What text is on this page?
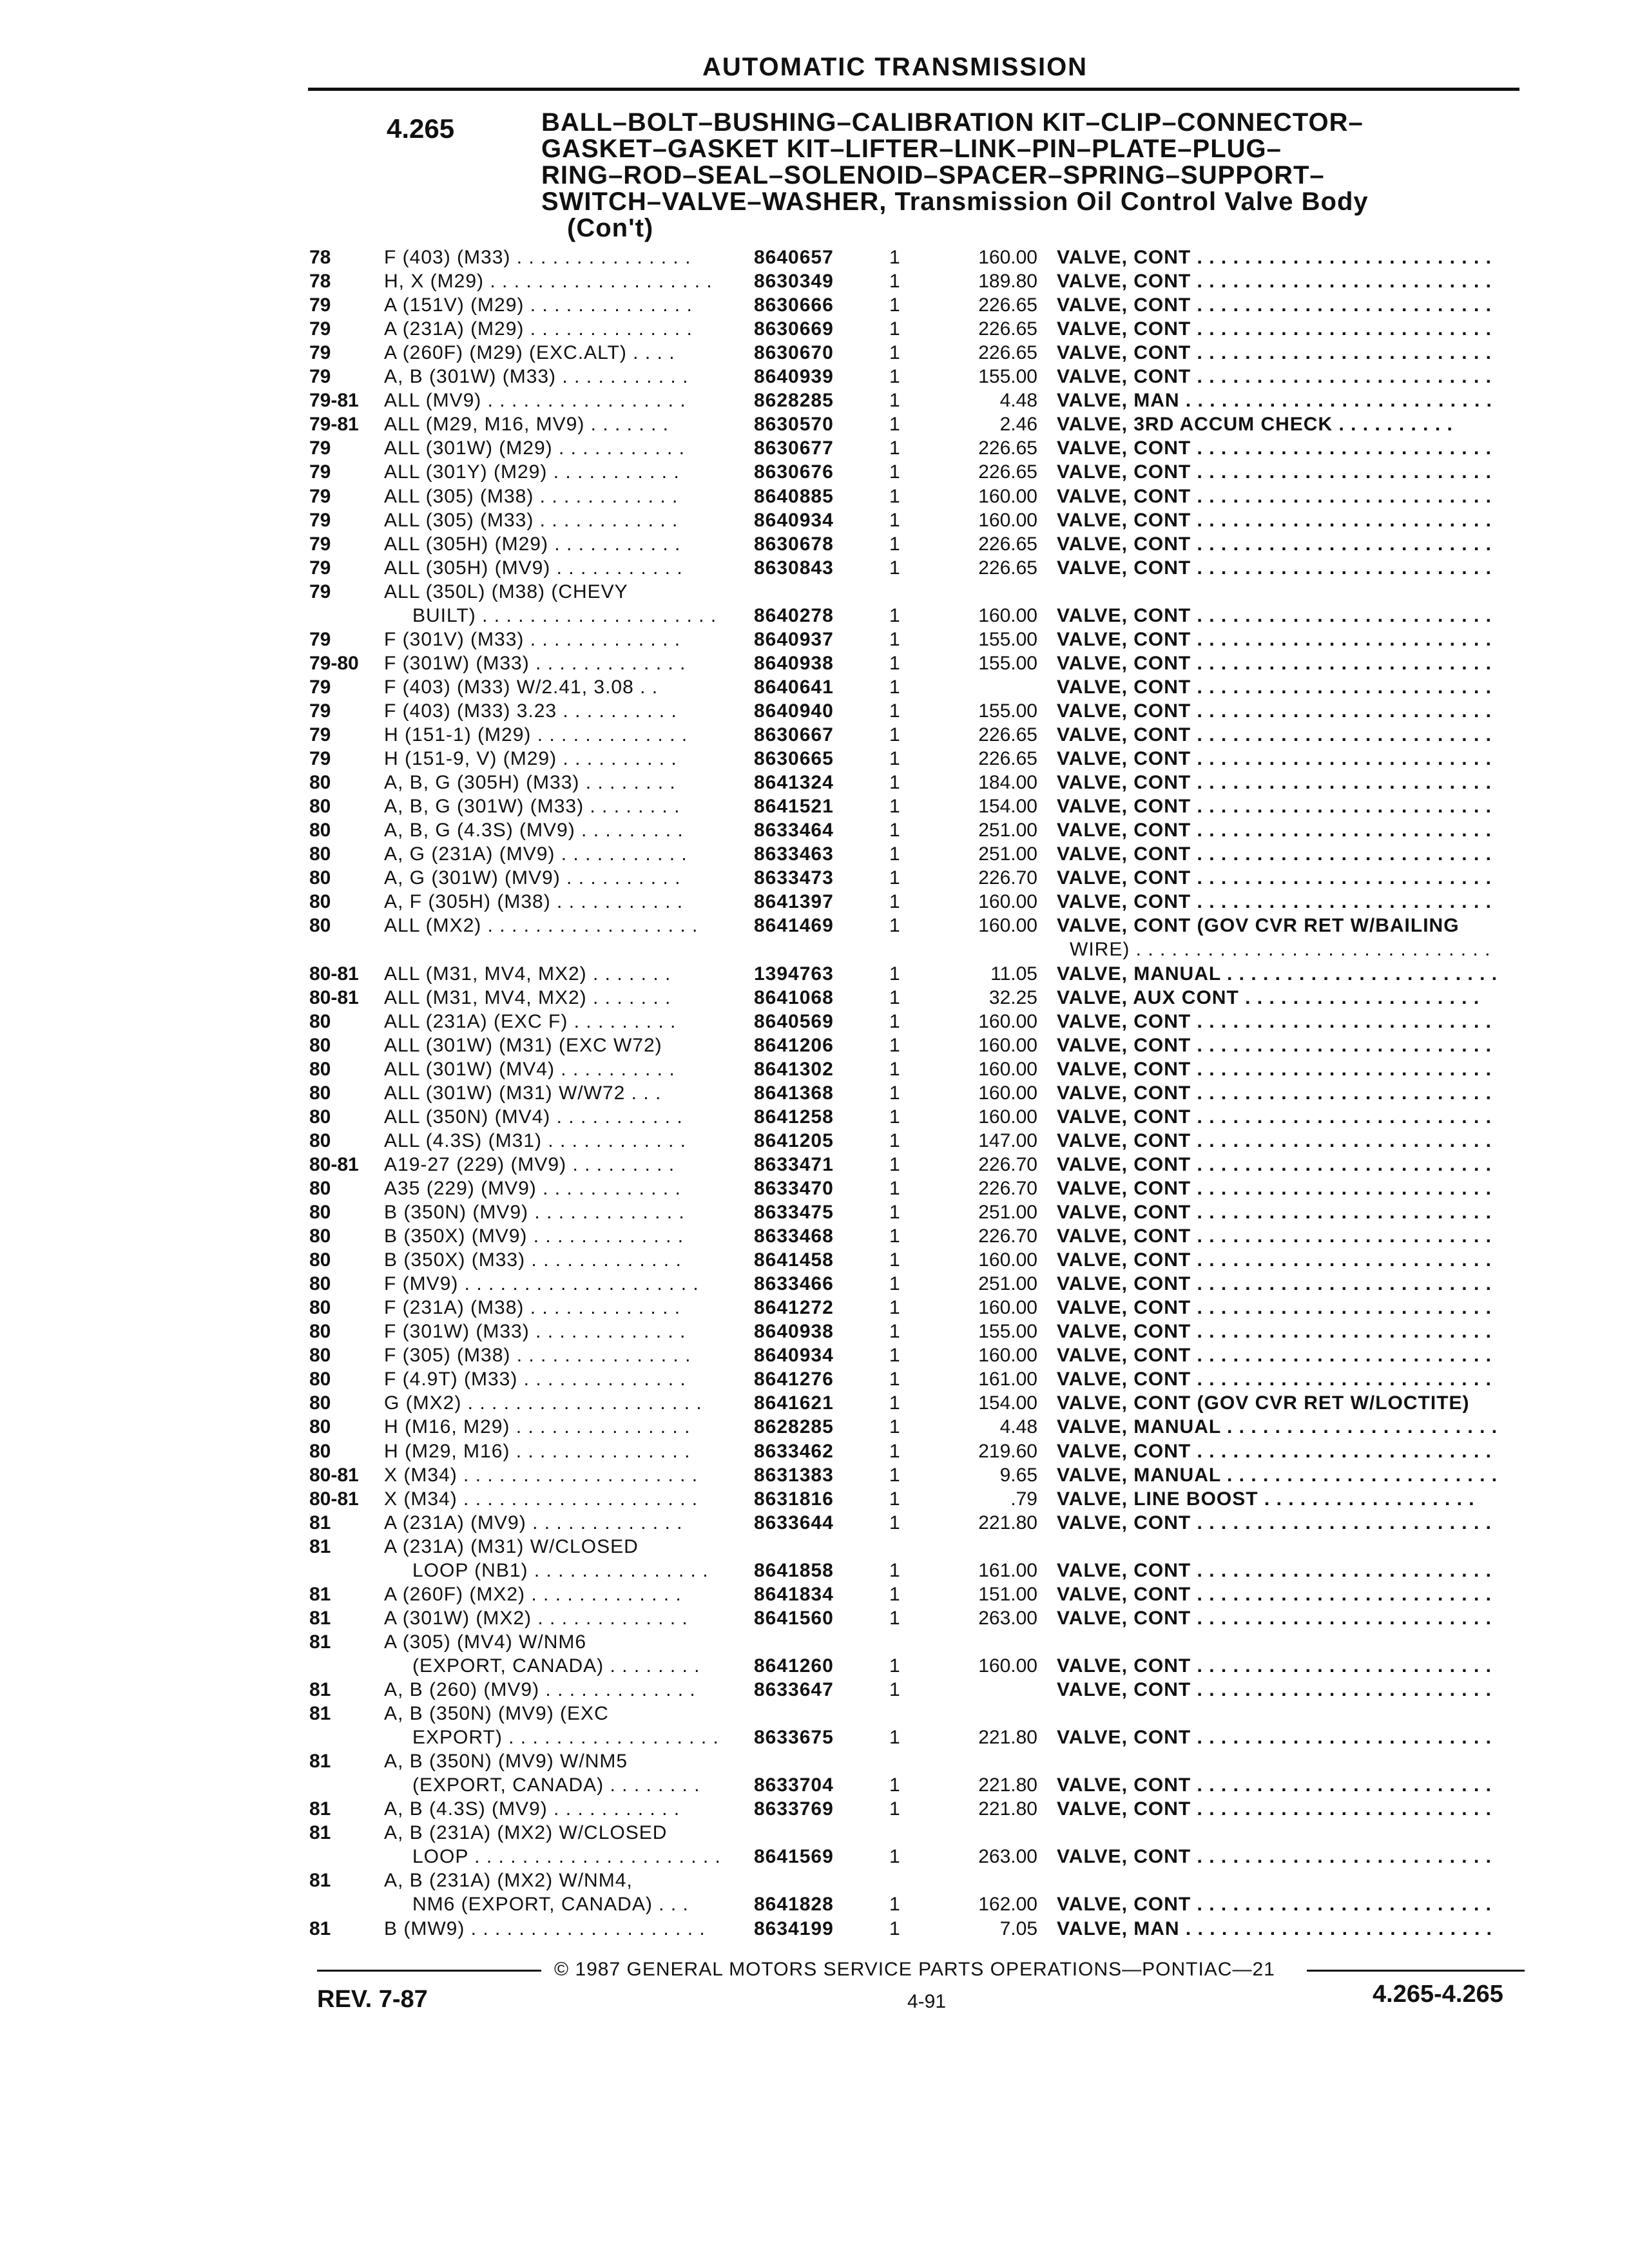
AUTOMATIC TRANSMISSION
4.265	BALL–BOLT–BUSHING–CALIBRATION KIT–CLIP–CONNECTOR–
GASKET–GASKET KIT–LIFTER–LINK–PIN–PLATE–PLUG–
RING–ROD–SEAL–SOLENOID–SPACER–SPRING–SUPPORT–
SWITCH–VALVE–WASHER, Transmission Oil Control Valve Body
(Con't)
78	F (403) (M33) . . . . . . . . . . . . . . .	8640657	1	160.00 VALVE, CONT . . . . . . . . . . . . . . . . . . . . . . . . .
78	H, X (M29) . . . . . . . . . . . . . . . . . . . 8630349	1	189.80 VALVE, CONT . . . . . . . . . . . . . . . . . . . . . . . . .
79	A (151V) (M29) . . . . . . . . . . . . . .	8630666	1	226.65 VALVE, CONT . . . . . . . . . . . . . . . . . . . . . . . . .
79	A (231A) (M29) . . . . . . . . . . . . . .	8630669	1	226.65 VALVE, CONT . . . . . . . . . . . . . . . . . . . . . . . . .
79	A (260F) (M29) (EXC.ALT) . . . .	8630670	1	226.65 VALVE, CONT . . . . . . . . . . . . . . . . . . . . . . . . .
79	A, B (301W) (M33) . . . . . . . . . . .	8640939	1	155.00 VALVE, CONT . . . . . . . . . . . . . . . . . . . . . . . . .
79-81 ALL (MV9) . . . . . . . . . . . . . . . . .	8628285	1	4.48 VALVE, MAN . . . . . . . . . . . . . . . . . . . . . . . . . .
79-81 ALL (M29, M16, MV9) . . . . . . .	8630570	1	2.46 VALVE, 3RD ACCUM CHECK . . . . . . . . . .
79	ALL (301W) (M29) . . . . . . . . . . .	8630677	1	226.65 VALVE, CONT . . . . . . . . . . . . . . . . . . . . . . . . .
79	ALL (301Y) (M29) . . . . . . . . . . .	8630676	1	226.65 VALVE, CONT . . . . . . . . . . . . . . . . . . . . . . . . .
79	ALL (305) (M38) . . . . . . . . . . . .	8640885	1	160.00 VALVE, CONT . . . . . . . . . . . . . . . . . . . . . . . . .
79	ALL (305) (M33) . . . . . . . . . . . .	8640934	1	160.00 VALVE, CONT . . . . . . . . . . . . . . . . . . . . . . . . .
79	ALL (305H) (M29) . . . . . . . . . . .	8630678	1	226.65 VALVE, CONT . . . . . . . . . . . . . . . . . . . . . . . . .
79	ALL (305H) (MV9) . . . . . . . . . . .	8630843	1	226.65 VALVE, CONT . . . . . . . . . . . . . . . . . . . . . . . . .
79	ALL (350L) (M38) (CHEVY
BUILT) . . . . . . . . . . . . . . . . . . . . 8640278	1	160.00 VALVE, CONT . . . . . . . . . . . . . . . . . . . . . . . . .
79	F (301V) (M33) . . . . . . . . . . . . .	8640937	1	155.00 VALVE, CONT . . . . . . . . . . . . . . . . . . . . . . . . .
79-80 F (301W) (M33) . . . . . . . . . . . . .	8640938	1	155.00 VALVE, CONT . . . . . . . . . . . . . . . . . . . . . . . . .
79	F (403) (M33) W/2.41, 3.08 . .	8640641	1	VALVE, CONT . . . . . . . . . . . . . . . . . . . . . . . . .
79	F (403) (M33) 3.23 . . . . . . . . . .	8640940	1	155.00 VALVE, CONT . . . . . . . . . . . . . . . . . . . . . . . . .
79	H (151-1) (M29) . . . . . . . . . . . . .	8630667	1	226.65 VALVE, CONT . . . . . . . . . . . . . . . . . . . . . . . . .
79	H (151-9, V) (M29) . . . . . . . . . .	8630665	1	226.65 VALVE, CONT . . . . . . . . . . . . . . . . . . . . . . . . .
80	A, B, G (305H) (M33) . . . . . . . .	8641324	1	184.00 VALVE, CONT . . . . . . . . . . . . . . . . . . . . . . . . .
80	A, B, G (301W) (M33) . . . . . . . .	8641521	1	154.00 VALVE, CONT . . . . . . . . . . . . . . . . . . . . . . . . .
80	A, B, G (4.3S) (MV9) . . . . . . . . .	8633464	1	251.00 VALVE, CONT . . . . . . . . . . . . . . . . . . . . . . . . .
80	A, G (231A) (MV9) . . . . . . . . . . .	8633463	1	251.00 VALVE, CONT . . . . . . . . . . . . . . . . . . . . . . . . .
80	A, G (301W) (MV9) . . . . . . . . . .	8633473	1	226.70 VALVE, CONT . . . . . . . . . . . . . . . . . . . . . . . . .
80	A, F (305H) (M38) . . . . . . . . . . .	8641397	1	160.00 VALVE, CONT . . . . . . . . . . . . . . . . . . . . . . . . .
80	ALL (MX2) . . . . . . . . . . . . . . . . . .	8641469	1	160.00 VALVE, CONT (GOV CVR RET W/BAILING
WIRE) . . . . . . . . . . . . . . . . . . . . . . . . . . . . . .
80-81 ALL (M31, MV4, MX2) . . . . . . .	1394763	1	11.05 VALVE, MANUAL . . . . . . . . . . . . . . . . . . . . . . .
80-81 ALL (M31, MV4, MX2) . . . . . . .	8641068	1	32.25 VALVE, AUX CONT . . . . . . . . . . . . . . . . . . . .
80	ALL (231A) (EXC F) . . . . . . . . .	8640569	1	160.00 VALVE, CONT . . . . . . . . . . . . . . . . . . . . . . . . .
80	ALL (301W) (M31) (EXC W72)	8641206	1	160.00 VALVE, CONT . . . . . . . . . . . . . . . . . . . . . . . . .
80	ALL (301W) (MV4) . . . . . . . . . .	8641302	1	160.00 VALVE, CONT . . . . . . . . . . . . . . . . . . . . . . . . .
80	ALL (301W) (M31) W/W72 . . .	8641368	1	160.00 VALVE, CONT . . . . . . . . . . . . . . . . . . . . . . . . .
80	ALL (350N) (MV4) . . . . . . . . . . .	8641258	1	160.00 VALVE, CONT . . . . . . . . . . . . . . . . . . . . . . . . .
80	ALL (4.3S) (M31) . . . . . . . . . . . .	8641205	1	147.00 VALVE, CONT . . . . . . . . . . . . . . . . . . . . . . . . .
80-81 A19-27 (229) (MV9) . . . . . . . . .	8633471	1	226.70 VALVE, CONT . . . . . . . . . . . . . . . . . . . . . . . . .
80	A35 (229) (MV9) . . . . . . . . . . . .	8633470	1	226.70 VALVE, CONT . . . . . . . . . . . . . . . . . . . . . . . . .
80	B (350N) (MV9) . . . . . . . . . . . . .	8633475	1	251.00 VALVE, CONT . . . . . . . . . . . . . . . . . . . . . . . . .
80	B (350X) (MV9) . . . . . . . . . . . . .	8633468	1	226.70 VALVE, CONT . . . . . . . . . . . . . . . . . . . . . . . . .
80	B (350X) (M33) . . . . . . . . . . . . .	8641458	1	160.00 VALVE, CONT . . . . . . . . . . . . . . . . . . . . . . . . .
80	F (MV9) . . . . . . . . . . . . . . . . . . . .	8633466	1	251.00 VALVE, CONT . . . . . . . . . . . . . . . . . . . . . . . . .
80	F (231A) (M38) . . . . . . . . . . . . .	8641272	1	160.00 VALVE, CONT . . . . . . . . . . . . . . . . . . . . . . . . .
80	F (301W) (M33) . . . . . . . . . . . . .	8640938	1	155.00 VALVE, CONT . . . . . . . . . . . . . . . . . . . . . . . . .
80	F (305) (M38) . . . . . . . . . . . . . . .	8640934	1	160.00 VALVE, CONT . . . . . . . . . . . . . . . . . . . . . . . . .
80	F (4.9T) (M33) . . . . . . . . . . . . . .	8641276	1	161.00 VALVE, CONT . . . . . . . . . . . . . . . . . . . . . . . . .
80	G (MX2) . . . . . . . . . . . . . . . . . . . .	8641621	1	154.00 VALVE, CONT (GOV CVR RET W/LOCTITE)
80	H (M16, M29) . . . . . . . . . . . . . . .	8628285	1	4.48 VALVE, MANUAL . . . . . . . . . . . . . . . . . . . . . . .
80	H (M29, M16) . . . . . . . . . . . . . . .	8633462	1	219.60 VALVE, CONT . . . . . . . . . . . . . . . . . . . . . . . . .
80-81 X (M34) . . . . . . . . . . . . . . . . . . . .	8631383	1	9.65 VALVE, MANUAL . . . . . . . . . . . . . . . . . . . . . . .
80-81 X (M34) . . . . . . . . . . . . . . . . . . . .	8631816	1	.79 VALVE, LINE BOOST . . . . . . . . . . . . . . . . . .
81	A (231A) (MV9) . . . . . . . . . . . . .	8633644	1	221.80 VALVE, CONT . . . . . . . . . . . . . . . . . . . . . . . . .
81	A (231A) (M31) W/CLOSED
LOOP (NB1) . . . . . . . . . . . . . . . 8641858	1	161.00 VALVE, CONT . . . . . . . . . . . . . . . . . . . . . . . . .
81	A (260F) (MX2) . . . . . . . . . . . . .	8641834	1	151.00 VALVE, CONT . . . . . . . . . . . . . . . . . . . . . . . . .
81	A (301W) (MX2) . . . . . . . . . . . . .	8641560	1	263.00 VALVE, CONT . . . . . . . . . . . . . . . . . . . . . . . . .
81	A (305) (MV4) W/NM6
(EXPORT, CANADA) . . . . . . . .	8641260	1	160.00 VALVE, CONT . . . . . . . . . . . . . . . . . . . . . . . . .
81	A, B (260) (MV9) . . . . . . . . . . . . .	8633647	1	VALVE, CONT . . . . . . . . . . . . . . . . . . . . . . . . .
81	A, B (350N) (MV9) (EXC
EXPORT) . . . . . . . . . . . . . . . . . . 8633675	1	221.80 VALVE, CONT . . . . . . . . . . . . . . . . . . . . . . . . .
81	A, B (350N) (MV9) W/NM5
(EXPORT, CANADA) . . . . . . . .	8633704	1	221.80 VALVE, CONT . . . . . . . . . . . . . . . . . . . . . . . . .
81	A, B (4.3S) (MV9) . . . . . . . . . . .	8633769	1	221.80 VALVE, CONT . . . . . . . . . . . . . . . . . . . . . . . . .
81	A, B (231A) (MX2) W/CLOSED
LOOP . . . . . . . . . . . . . . . . . . . . . 8641569	1	263.00 VALVE, CONT . . . . . . . . . . . . . . . . . . . . . . . . .
81	A, B (231A) (MX2) W/NM4,
NM6 (EXPORT, CANADA) . . .	8641828	1	162.00 VALVE, CONT . . . . . . . . . . . . . . . . . . . . . . . . .
81	B (MW9) . . . . . . . . . . . . . . . . . . . .	8634199	1	7.05 VALVE, MAN . . . . . . . . . . . . . . . . . . . . . . . . . .
© 1987 GENERAL MOTORS SERVICE PARTS OPERATIONS—PONTIAC—21
REV. 7-87	4-91	4.265-4.265
